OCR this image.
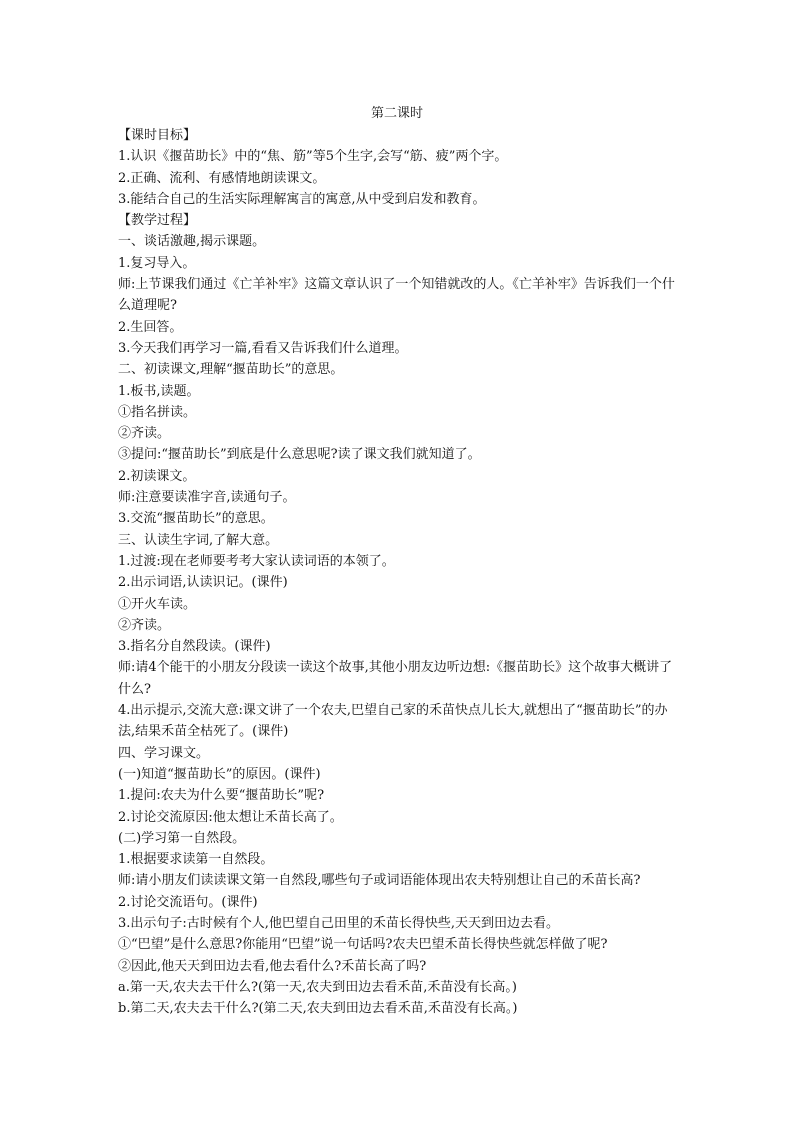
第二课时
【课时目标】
1.认识《揠苗助长》中的“焦、筋”等5个生字,会写“筋、疲”两个字。
2.正确、流利、有感情地朗读课文。
3.能结合自己的生活实际理解寓言的寓意,从中受到启发和教育。
【教学过程】
一、谈话激趣,揭示课题。
1.复习导入。
师:上节课我们通过《亡羊补牢》这篇文章认识了一个知错就改的人。《亡羊补牢》告诉我们一个什么道理呢?
2.生回答。
3.今天我们再学习一篇,看看又告诉我们什么道理。
二、初读课文,理解“揠苗助长”的意思。
1.板书,读题。
①指名拼读。
②齐读。
③提问:“揠苗助长”到底是什么意思呢?读了课文我们就知道了。
2.初读课文。
师:注意要读准字音,读通句子。
3.交流“揠苗助长”的意思。
三、认读生字词,了解大意。
1.过渡:现在老师要考考大家认读词语的本领了。
2.出示词语,认读识记。(课件)
①开火车读。
②齐读。
3.指名分自然段读。(课件)
师:请4个能干的小朋友分段读一读这个故事,其他小朋友边听边想:《揠苗助长》这个故事大概讲了什么?
4.出示提示,交流大意:课文讲了一个农夫,巴望自己家的禾苗快点儿长大,就想出了“揠苗助长”的办法,结果禾苗全枯死了。(课件)
四、学习课文。
(一)知道“揠苗助长”的原因。(课件)
1.提问:农夫为什么要“揠苗助长”呢?
2.讨论交流原因:他太想让禾苗长高了。
(二)学习第一自然段。
1.根据要求读第一自然段。
师:请小朋友们读读课文第一自然段,哪些句子或词语能体现出农夫特别想让自己的禾苗长高?
2.讨论交流语句。(课件)
3.出示句子:古时候有个人,他巴望自己田里的禾苗长得快些,天天到田边去看。
①“巴望”是什么意思?你能用“巴望”说一句话吗?农夫巴望禾苗长得快些就怎样做了呢?
②因此,他天天到田边去看,他去看什么?禾苗长高了吗?
a.第一天,农夫去干什么?(第一天,农夫到田边去看禾苗,禾苗没有长高。)
b.第二天,农夫去干什么?(第二天,农夫到田边去看禾苗,禾苗没有长高。)
